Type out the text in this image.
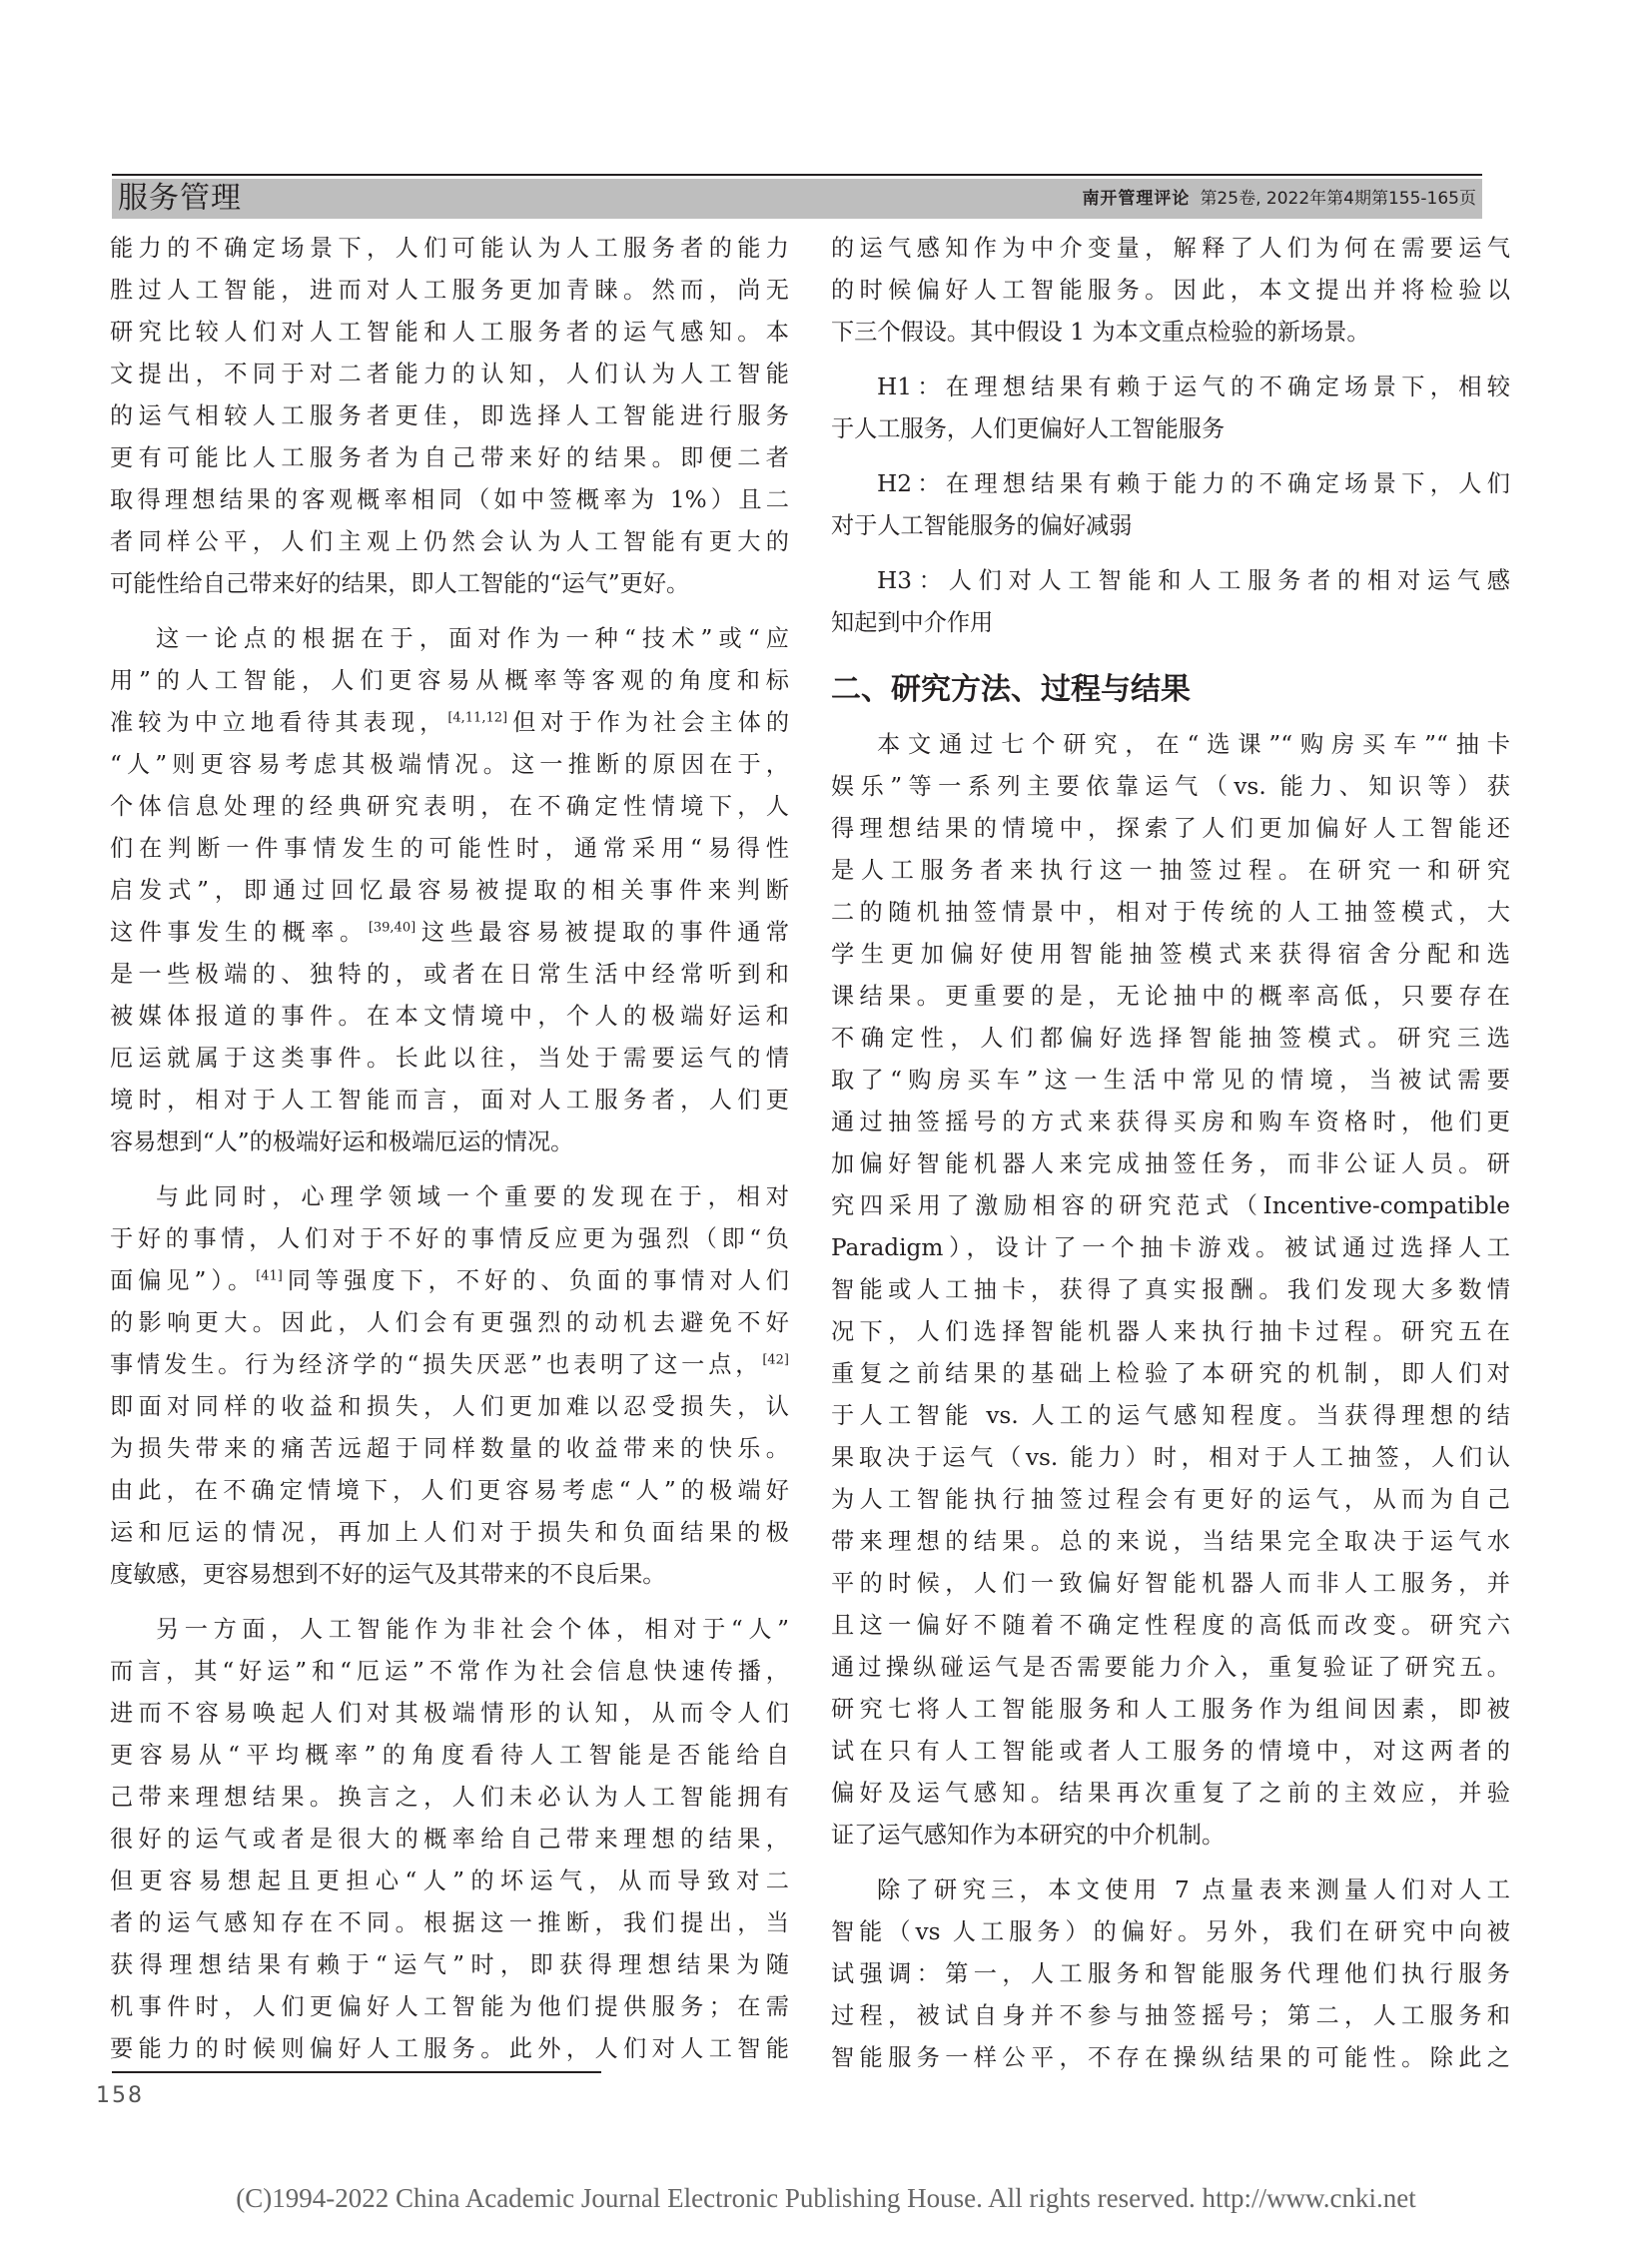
服务管理	南开管理评论 第25卷, 2022年第4期第155-165页
能力的不确定场景下，人们可能认为人工服务者的能力
胜过人工智能，进而对人工服务更加青睐。然而，尚无
研究比较人们对人工智能和人工服务者的运气感知。本
文提出，不同于对二者能力的认知，人们认为人工智能
的运气相较人工服务者更佳，即选择人工智能进行服务
更有可能比人工服务者为自己带来好的结果。即便二者
取得理想结果的客观概率相同（如中签概率为 1%）且二
者同样公平，人们主观上仍然会认为人工智能有更大的
可能性给自己带来好的结果，即人工智能的“运气”更好。
这一论点的根据在于，面对作为一种“技术”或“应
用”的人工智能，人们更容易从概率等客观的角度和标
准较为中立地看待其表现，[4,11,12]但对于作为社会主体的
“人”则更容易考虑其极端情况。这一推断的原因在于，
个体信息处理的经典研究表明，在不确定性情境下，人
们在判断一件事情发生的可能性时，通常采用“易得性
启发式”，即通过回忆最容易被提取的相关事件来判断
这件事发生的概率。[39,40]这些最容易被提取的事件通常
是一些极端的、独特的，或者在日常生活中经常听到和
被媒体报道的事件。在本文情境中，个人的极端好运和
厄运就属于这类事件。长此以往，当处于需要运气的情
境时，相对于人工智能而言，面对人工服务者，人们更
容易想到“人”的极端好运和极端厄运的情况。
与此同时，心理学领域一个重要的发现在于，相对
于好的事情，人们对于不好的事情反应更为强烈（即“负
面偏见”）。[41]同等强度下，不好的、负面的事情对人们
的影响更大。因此，人们会有更强烈的动机去避免不好
事情发生。行为经济学的“损失厌恶”也表明了这一点，[42]
即面对同样的收益和损失，人们更加难以忍受损失，认
为损失带来的痛苦远超于同样数量的收益带来的快乐。
由此，在不确定情境下，人们更容易考虑“人”的极端好
运和厄运的情况，再加上人们对于损失和负面结果的极
度敏感，更容易想到不好的运气及其带来的不良后果。
另一方面，人工智能作为非社会个体，相对于“人”
而言，其“好运”和“厄运”不常作为社会信息快速传播，
进而不容易唤起人们对其极端情形的认知，从而令人们
更容易从“平均概率”的角度看待人工智能是否能给自
己带来理想结果。换言之，人们未必认为人工智能拥有
很好的运气或者是很大的概率给自己带来理想的结果，
但更容易想起且更担心“人”的坏运气，从而导致对二
者的运气感知存在不同。根据这一推断，我们提出，当
获得理想结果有赖于“运气”时，即获得理想结果为随
机事件时，人们更偏好人工智能为他们提供服务；在需
要能力的时候则偏好人工服务。此外，人们对人工智能
的运气感知作为中介变量，解释了人们为何在需要运气
的时候偏好人工智能服务。因此，本文提出并将检验以
下三个假设。其中假设 1 为本文重点检验的新场景。
H1：在理想结果有赖于运气的不确定场景下，相较
于人工服务，人们更偏好人工智能服务
H2：在理想结果有赖于能力的不确定场景下，人们
对于人工智能服务的偏好减弱
H3：人们对人工智能和人工服务者的相对运气感
知起到中介作用
二、研究方法、过程与结果
本文通过七个研究，在“选课”“购房买车”“抽卡
娱乐”等一系列主要依靠运气（vs. 能力、知识等）获
得理想结果的情境中，探索了人们更加偏好人工智能还
是人工服务者来执行这一抽签过程。在研究一和研究
二的随机抽签情景中，相对于传统的人工抽签模式，大
学生更加偏好使用智能抽签模式来获得宿舍分配和选
课结果。更重要的是，无论抽中的概率高低，只要存在
不确定性，人们都偏好选择智能抽签模式。研究三选
取了“购房买车”这一生活中常见的情境，当被试需要
通过抽签摇号的方式来获得买房和购车资格时，他们更
加偏好智能机器人来完成抽签任务，而非公证人员。研
究四采用了激励相容的研究范式（Incentive-compatible
Paradigm），设计了一个抽卡游戏。被试通过选择人工
智能或人工抽卡，获得了真实报酬。我们发现大多数情
况下，人们选择智能机器人来执行抽卡过程。研究五在
重复之前结果的基础上检验了本研究的机制，即人们对
于人工智能 vs. 人工的运气感知程度。当获得理想的结
果取决于运气（vs. 能力）时，相对于人工抽签，人们认
为人工智能执行抽签过程会有更好的运气，从而为自己
带来理想的结果。总的来说，当结果完全取决于运气水
平的时候，人们一致偏好智能机器人而非人工服务，并
且这一偏好不随着不确定性程度的高低而改变。研究六
通过操纵碰运气是否需要能力介入，重复验证了研究五。
研究七将人工智能服务和人工服务作为组间因素，即被
试在只有人工智能或者人工服务的情境中，对这两者的
偏好及运气感知。结果再次重复了之前的主效应，并验
证了运气感知作为本研究的中介机制。
除了研究三，本文使用 7 点量表来测量人们对人工
智能（vs 人工服务）的偏好。另外，我们在研究中向被
试强调：第一，人工服务和智能服务代理他们执行服务
过程，被试自身并不参与抽签摇号；第二，人工服务和
智能服务一样公平，不存在操纵结果的可能性。除此之
158
(C)1994-2022 China Academic Journal Electronic Publishing House. All rights reserved. http://www.cnki.net
